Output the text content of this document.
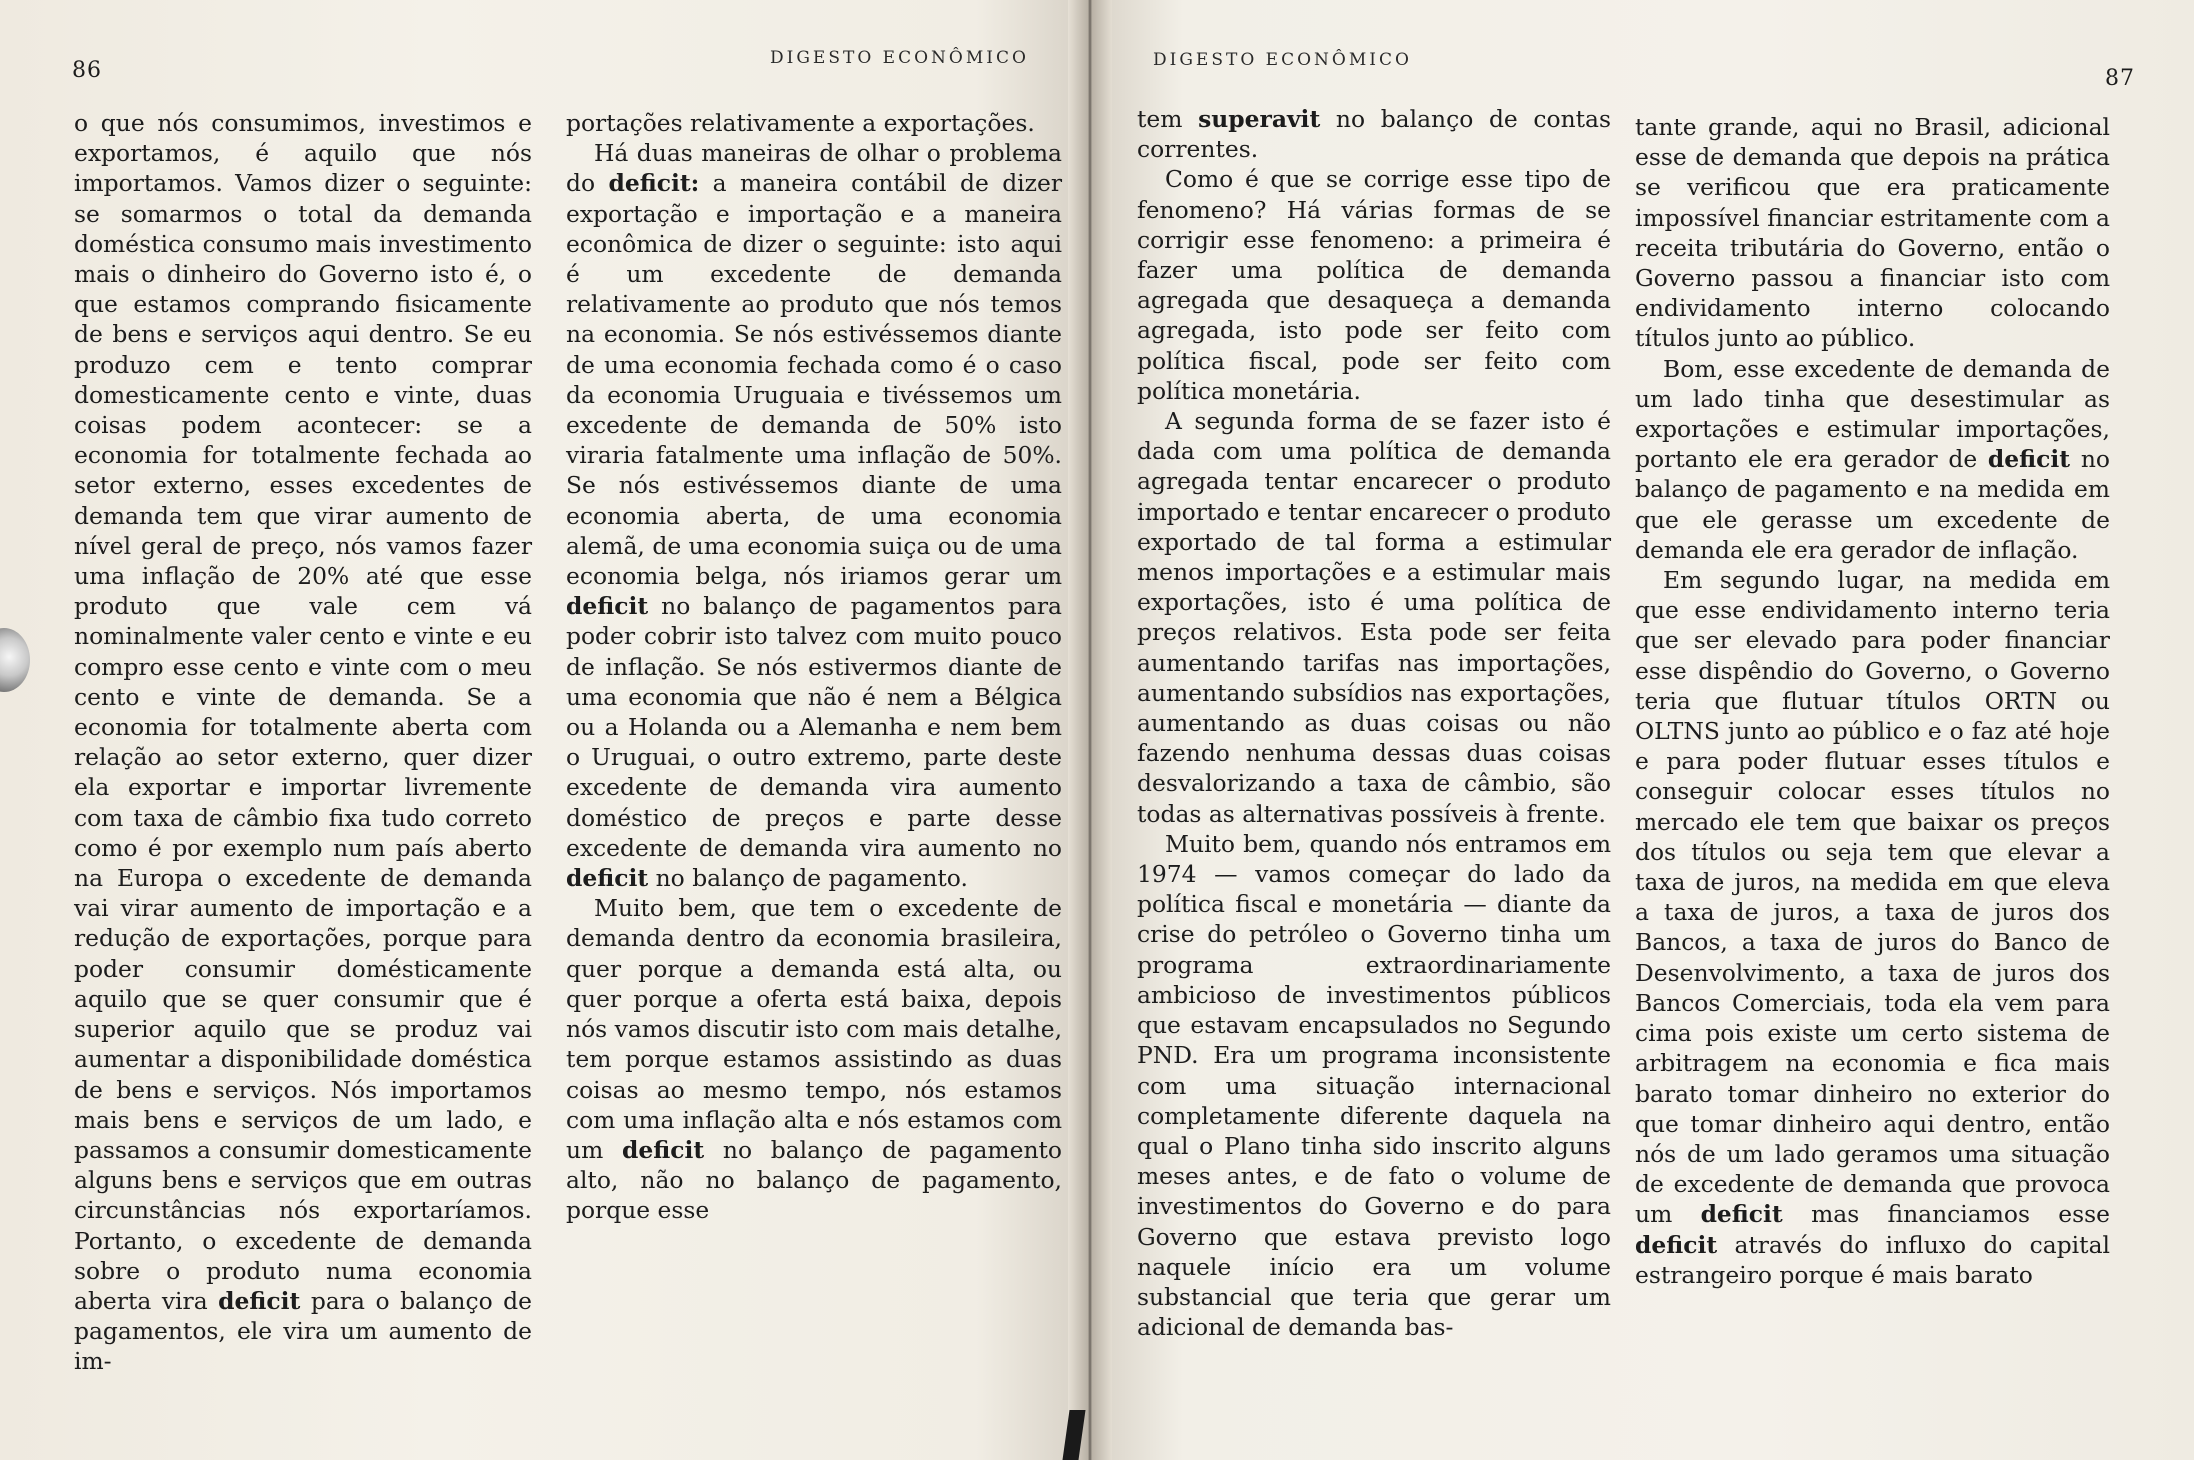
86	DIGESTO ECONÔMICO

o que nós consumimos, investimos e exportamos, é aquilo que nós importamos. Vamos dizer o seguinte: se somarmos o total da demanda doméstica consumo mais investimento mais o dinheiro do Governo isto é, o que estamos comprando fisicamente de bens e serviços aqui dentro. Se eu produzo cem e tento comprar domesticamente cento e vinte, duas coisas podem acontecer: se a economia for totalmente fechada ao setor externo, esses excedentes de demanda tem que virar aumento de nível geral de preço, nós vamos fazer uma inflação de 20% até que esse produto que vale cem vá nominalmente valer cento e vinte e eu compro esse cento e vinte com o meu cento e vinte de demanda. Se a economia for totalmente aberta com relação ao setor externo, quer dizer ela exportar e importar livremente com taxa de câmbio fixa tudo correto como é por exemplo num país aberto na Europa o excedente de demanda vai virar aumento de importação e a redução de exportações, porque para poder consumir domésticamente aquilo que se quer consumir que é superior aquilo que se produz vai aumentar a disponibilidade doméstica de bens e serviços. Nós importamos mais bens e serviços de um lado, e passamos a consumir domesticamente alguns bens e serviços que em outras circunstâncias nós exportaríamos. Portanto, o excedente de demanda sobre o produto numa economia aberta vira deficit para o balanço de pagamentos, ele vira um aumento de im-

portações relativamente a exportações.

Há duas maneiras de olhar o problema do deficit: a maneira contábil de dizer exportação e importação e a maneira econômica de dizer o seguinte: isto aqui é um excedente de demanda relativamente ao produto que nós temos na economia. Se nós estivéssemos diante de uma economia fechada como é o caso da economia Uruguaia e tivéssemos um excedente de demanda de 50% isto viraria fatalmente uma inflação de 50%. Se nós estivéssemos diante de uma economia aberta, de uma economia alemã, de uma economia suiça ou de uma economia belga, nós iriamos gerar um deficit no balanço de pagamentos para poder cobrir isto talvez com muito pouco de inflação. Se nós estivermos diante de uma economia que não é nem a Bélgica ou a Holanda ou a Alemanha e nem bem o Uruguai, o outro extremo, parte deste excedente de demanda vira aumento doméstico de preços e parte desse excedente de demanda vira aumento no deficit no balanço de pagamento.

Muito bem, que tem o excedente de demanda dentro da economia brasileira, quer porque a demanda está alta, ou quer porque a oferta está baixa, depois nós vamos discutir isto com mais detalhe, tem porque estamos assistindo as duas coisas ao mesmo tempo, nós estamos com uma inflação alta e nós estamos com um deficit no balanço de pagamento alto, não no balanço de pagamento, porque esse

DIGESTO ECONÔMICO
87

tem superavit no balanço de contas correntes.

Como é que se corrige esse tipo de fenomeno? Há várias formas de se corrigir esse fenomeno: a primeira é fazer uma política de demanda agregada que desaqueça a demanda agregada, isto pode ser feito com política fiscal, pode ser feito com política monetária.

A segunda forma de se fazer isto é dada com uma política de demanda agregada tentar encarecer o produto importado e tentar encarecer o produto exportado de tal forma a estimular menos importações e a estimular mais exportações, isto é uma política de preços relativos. Esta pode ser feita aumentando tarifas nas importações, aumentando subsídios nas exportações, aumentando as duas coisas ou não fazendo nenhuma dessas duas coisas desvalorizando a taxa de câmbio, são todas as alternativas possíveis à frente.

Muito bem, quando nós entramos em 1974 — vamos começar do lado da política fiscal e monetária — diante da crise do petróleo o Governo tinha um programa extraordinariamente ambicioso de investimentos públicos que estavam encapsulados no Segundo PND. Era um programa inconsistente com uma situação internacional completamente diferente daquela na qual o Plano tinha sido inscrito alguns meses antes, e de fato o volume de investimentos do Governo e do para Governo que estava previsto logo naquele início era um volume substancial que teria que gerar um adicional de demanda bas-

tante grande, aqui no Brasil, adicional esse de demanda que depois na prática se verificou que era praticamente impossível financiar estritamente com a receita tributária do Governo, então o Governo passou a financiar isto com endividamento interno colocando títulos junto ao público.

Bom, esse excedente de demanda de um lado tinha que desestimular as exportações e estimular importações, portanto ele era gerador de deficit no balanço de pagamento e na medida em que ele gerasse um excedente de demanda ele era gerador de inflação.

Em segundo lugar, na medida em que esse endividamento interno teria que ser elevado para poder financiar esse dispêndio do Governo, o Governo teria que flutuar títulos ORTN ou OLTNS junto ao público e o faz até hoje e para poder flutuar esses títulos e conseguir colocar esses títulos no mercado ele tem que baixar os preços dos títulos ou seja tem que elevar a taxa de juros, na medida em que eleva a taxa de juros, a taxa de juros dos Bancos, a taxa de juros do Banco de Desenvolvimento, a taxa de juros dos Bancos Comerciais, toda ela vem para cima pois existe um certo sistema de arbitragem na economia e fica mais barato tomar dinheiro no exterior do que tomar dinheiro aqui dentro, então nós de um lado geramos uma situação de excedente de demanda que provoca um deficit mas financiamos esse deficit através do influxo do capital estrangeiro porque é mais barato
